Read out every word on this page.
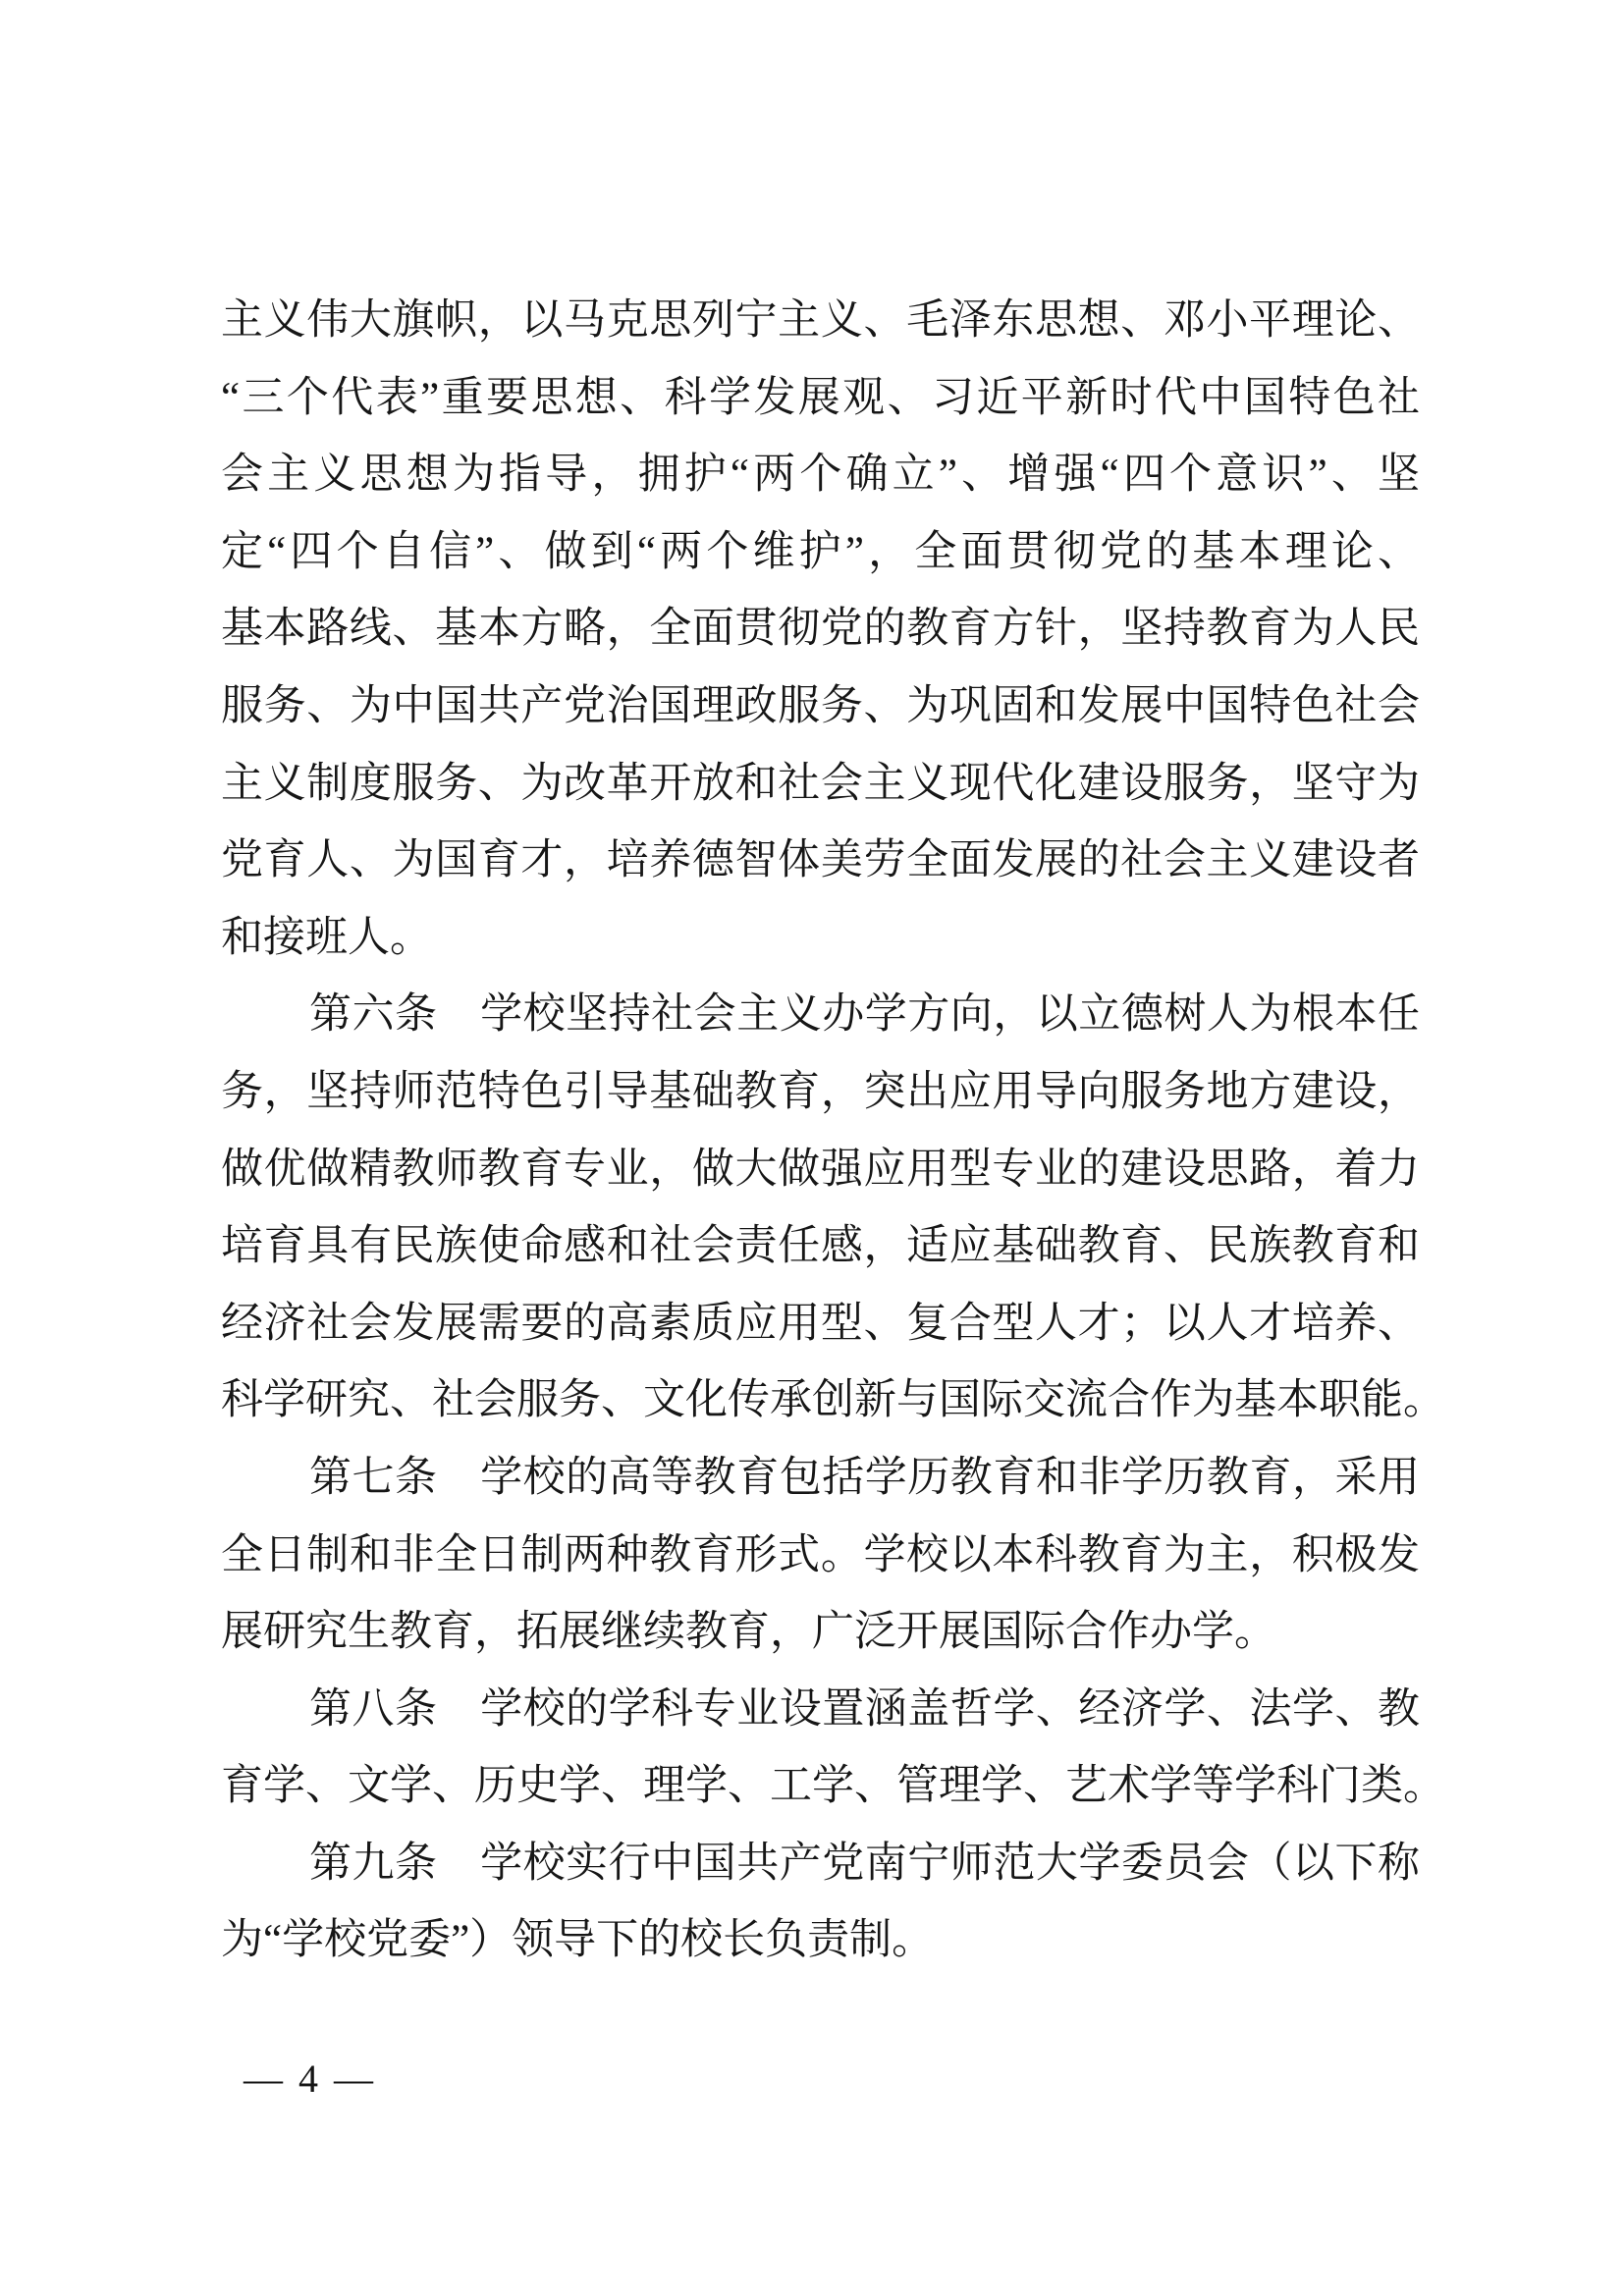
主义伟大旗帜，以马克思列宁主义、毛泽东思想、邓小平理论、
“三个代表”重要思想、科学发展观、习近平新时代中国特色社
会主义思想为指导，拥护“两个确立”、增强“四个意识”、坚
定“四个自信”、做到“两个维护”，全面贯彻党的基本理论、
基本路线、基本方略，全面贯彻党的教育方针，坚持教育为人民
服务、为中国共产党治国理政服务、为巩固和发展中国特色社会
主义制度服务、为改革开放和社会主义现代化建设服务，坚守为
党育人、为国育才，培养德智体美劳全面发展的社会主义建设者
和接班人。
第六条　学校坚持社会主义办学方向，以立德树人为根本任
务，坚持师范特色引导基础教育，突出应用导向服务地方建设，
做优做精教师教育专业，做大做强应用型专业的建设思路，着力
培育具有民族使命感和社会责任感，适应基础教育、民族教育和
经济社会发展需要的高素质应用型、复合型人才；以人才培养、
科学研究、社会服务、文化传承创新与国际交流合作为基本职能。
第七条　学校的高等教育包括学历教育和非学历教育，采用
全日制和非全日制两种教育形式。学校以本科教育为主，积极发
展研究生教育，拓展继续教育，广泛开展国际合作办学。
第八条　学校的学科专业设置涵盖哲学、经济学、法学、教
育学、文学、历史学、理学、工学、管理学、艺术学等学科门类。
第九条　学校实行中国共产党南宁师范大学委员会（以下称
为“学校党委”）领导下的校长负责制。
— 4 —
